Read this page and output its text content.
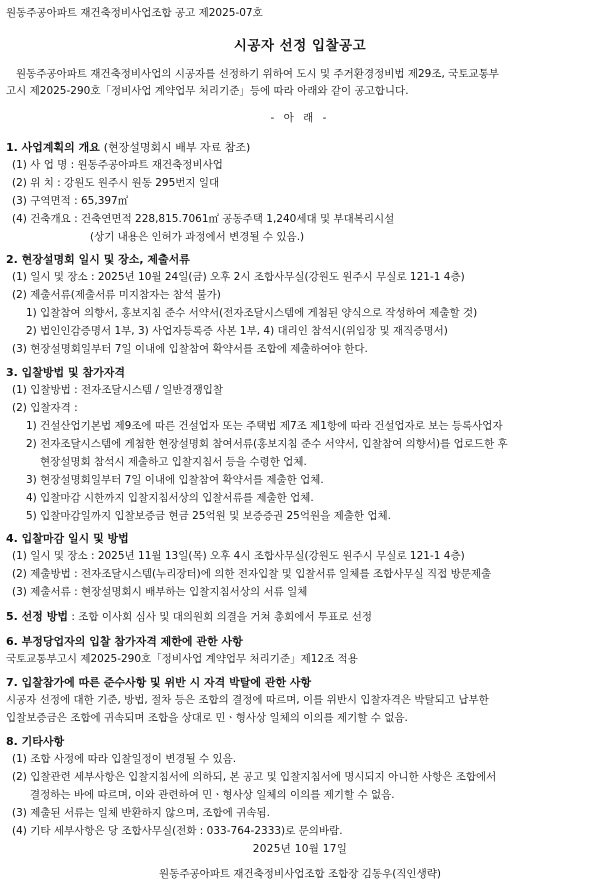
원동주공아파트 재건축정비사업조합 공고 제2025-07호
시공자 선정 입찰공고
원동주공아파트 재건축정비사업의 시공자를 선정하기 위하여 도시 및 주거환경정비법 제29조, 국토교통부
고시 제2025-290호「정비사업 계약업무 처리기준」등에 따라 아래와 같이 공고합니다.
- 아 래 -
1. 사업계획의 개요 (현장설명회시 배부 자료 참조)
(1) 사 업 명 : 원동주공아파트 재건축정비사업
(2) 위 치 : 강원도 원주시 원동 295번지 일대
(3) 구역면적 : 65,397㎡
(4) 건축개요 : 건축연면적 228,815.7061㎡ 공동주택 1,240세대 및 부대복리시설
(상기 내용은 인허가 과정에서 변경될 수 있음.)
2. 현장설명회 일시 및 장소, 제출서류
(1) 일시 및 장소 : 2025년 10월 24일(금) 오후 2시 조합사무실(강원도 원주시 무실로 121-1 4층)
(2) 제출서류(제출서류 미지참자는 참석 불가)
1) 입찰참여 의향서, 홍보지침 준수 서약서(전자조달시스템에 게첨된 양식으로 작성하여 제출할 것)
2) 법인인감증명서 1부, 3) 사업자등록증 사본 1부, 4) 대리인 참석시(위임장 및 재직증명서)
(3) 현장설명회일부터 7일 이내에 입찰참여 확약서를 조합에 제출하여야 한다.
3. 입찰방법 및 참가자격
(1) 입찰방법 : 전자조달시스템 / 일반경쟁입찰
(2) 입찰자격 :
1) 건설산업기본법 제9조에 따른 건설업자 또는 주택법 제7조 제1항에 따라 건설업자로 보는 등록사업자
2) 전자조달시스템에 게첨한 현장설명회 참여서류(홍보지침 준수 서약서, 입찰참여 의향서)를 업로드한 후
현장설명회 참석시 제출하고 입찰지침서 등을 수령한 업체.
3) 현장설명회일부터 7일 이내에 입찰참여 확약서를 제출한 업체.
4) 입찰마감 시한까지 입찰지침서상의 입찰서류를 제출한 업체.
5) 입찰마감일까지 입찰보증금 현금 25억원 및 보증증권 25억원을 제출한 업체.
4. 입찰마감 일시 및 방법
(1) 일시 및 장소 : 2025년 11월 13일(목) 오후 4시 조합사무실(강원도 원주시 무실로 121-1 4층)
(2) 제출방법 : 전자조달시스템(누리장터)에 의한 전자입찰 및 입찰서류 일체를 조합사무실 직접 방문제출
(3) 제출서류 : 현장설명회시 배부하는 입찰지침서상의 서류 일체
5. 선정 방법 : 조합 이사회 심사 및 대의원회 의결을 거쳐 총회에서 투표로 선정
6. 부정당업자의 입찰 참가자격 제한에 관한 사항
국토교통부고시 제2025-290호「정비사업 계약업무 처리기준」제12조 적용
7. 입찰참가에 따른 준수사항 및 위반 시 자격 박탈에 관한 사항
시공자 선정에 대한 기준, 방법, 절차 등은 조합의 결정에 따르며, 이를 위반시 입찰자격은 박탈되고 납부한
입찰보증금은 조합에 귀속되며 조합을 상대로 민ㆍ형사상 일체의 이의를 제기할 수 없음.
8. 기타사항
(1) 조합 사정에 따라 입찰일정이 변경될 수 있음.
(2) 입찰관련 세부사항은 입찰지침서에 의하되, 본 공고 및 입찰지침서에 명시되지 아니한 사항은 조합에서
결정하는 바에 따르며, 이와 관련하여 민ㆍ형사상 일체의 이의를 제기할 수 없음.
(3) 제출된 서류는 일체 반환하지 않으며, 조합에 귀속됨.
(4) 기타 세부사항은 당 조합사무실(전화 : 033-764-2333)로 문의바람.
2025년 10월 17일
원동주공아파트 재건축정비사업조합 조합장 김동우(직인생략)
